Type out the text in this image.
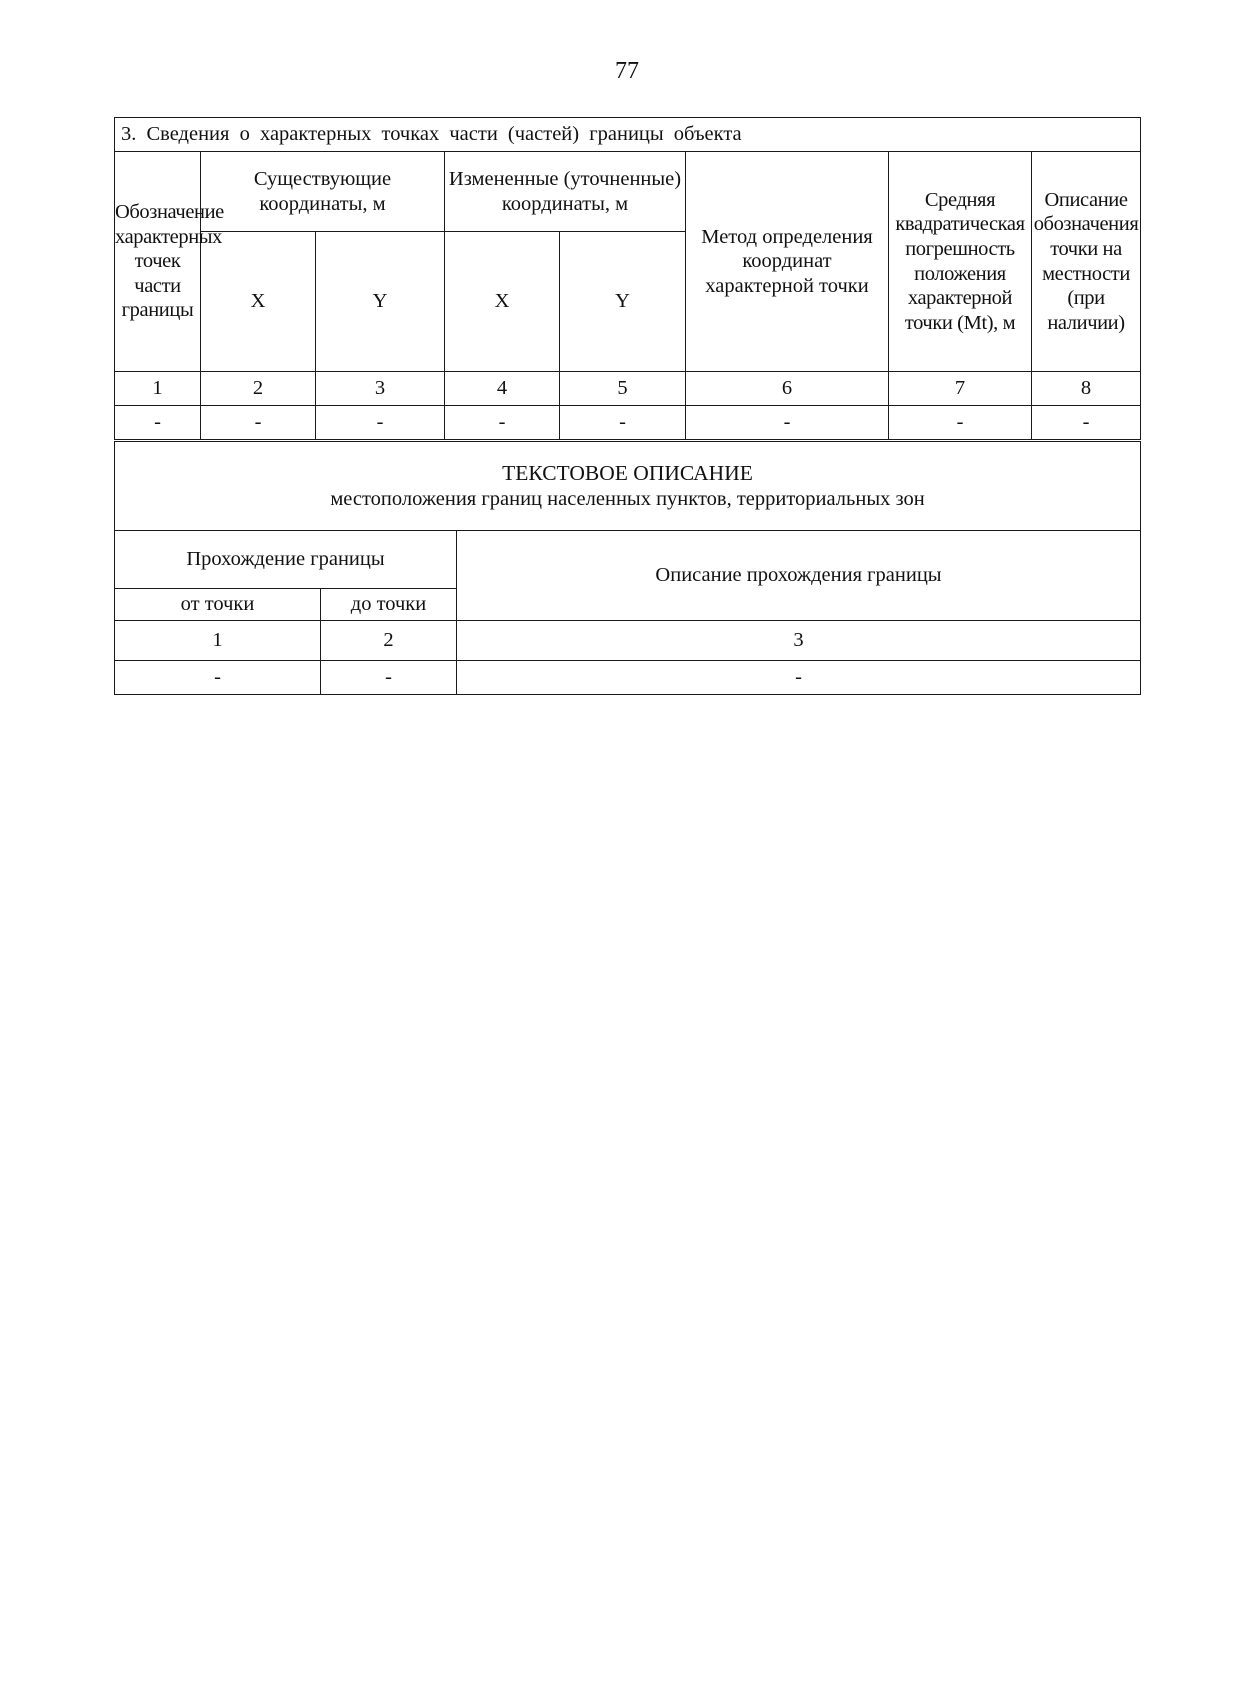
77
3. Сведения о характерных точках части (частей) границы объекта							
Обозначение характерных точек части границы	Существующие координаты, м		Измененные (уточненные) координаты, м		Метод определения координат характерной точки	Средняя квадратическая погрешность положения характерной точки (Mt), м	Описание обозначения точки на местности (при наличии)
	X	Y	X	Y			
1	2	3	4	5	6	7	8
-	-	-	-	-	-	-	-
ТЕКСТОВОЕ ОПИСАНИЕ
местоположения границ населенных пунктов, территориальных зон		

Прохождение границы		Описание прохождения границы
от точки	до точки	
1	2	3
-	-	-
